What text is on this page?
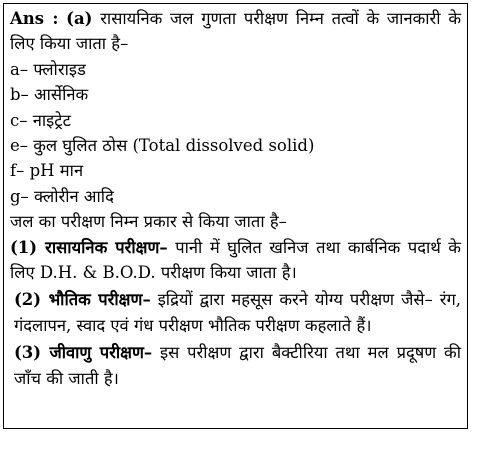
Ans : (a) रासायनिक जल गुणता परीक्षण निम्न तत्वों के जानकारी के लिए किया जाता है–
a– फ्लोराइड
b– आर्सेनिक
c– नाइट्रेट
e– कुल घुलित ठोस (Total dissolved solid)
f– pH मान
g– क्लोरीन आदि
जल का परीक्षण निम्न प्रकार से किया जाता है–
(1) रासायनिक परीक्षण– पानी में घुलित खनिज तथा कार्बनिक पदार्थ के लिए D.H. & B.O.D. परीक्षण किया जाता है।
(2) भौतिक परीक्षण– इद्रियों द्वारा महसूस करने योग्य परीक्षण जैसे– रंग, गंदलापन, स्वाद एवं गंध परीक्षण भौतिक परीक्षण कहलाते हैं।
(3) जीवाणु परीक्षण– इस परीक्षण द्वारा बैक्टीरिया तथा मल प्रदूषण की जाँच की जाती है।
